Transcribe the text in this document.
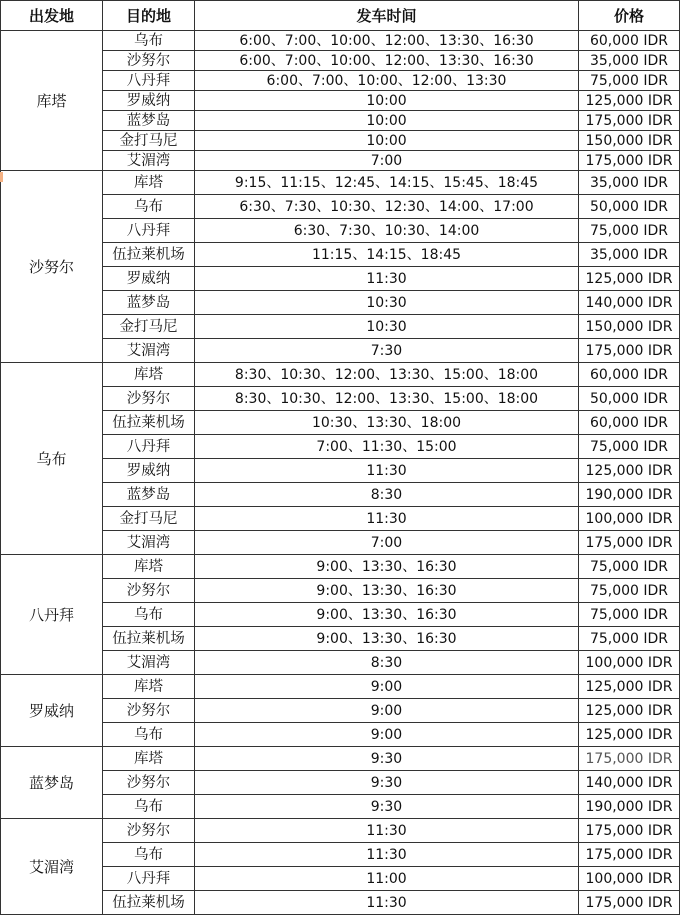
出发地	目的地	发车时间	价格
库塔	乌布	6:00、7:00、10:00、12:00、13:30、16:30	60,000 IDR
	沙努尔	6:00、7:00、10:00、12:00、13:30、16:30	35,000 IDR
	八丹拜	6:00、7:00、10:00、12:00、13:30	75,000 IDR
	罗威纳	10:00	125,000 IDR
	蓝梦岛	10:00	175,000 IDR
	金打马尼	10:00	150,000 IDR
	艾湄湾	7:00	175,000 IDR
沙努尔	库塔	9:15、11:15、12:45、14:15、15:45、18:45	35,000 IDR
	乌布	6:30、7:30、10:30、12:30、14:00、17:00	50,000 IDR
	八丹拜	6:30、7:30、10:30、14:00	75,000 IDR
	伍拉莱机场	11:15、14:15、18:45	35,000 IDR
	罗威纳	11:30	125,000 IDR
	蓝梦岛	10:30	140,000 IDR
	金打马尼	10:30	150,000 IDR
	艾湄湾	7:30	175,000 IDR
乌布	库塔	8:30、10:30、12:00、13:30、15:00、18:00	60,000 IDR
	沙努尔	8:30、10:30、12:00、13:30、15:00、18:00	50,000 IDR
	伍拉莱机场	10:30、13:30、18:00	60,000 IDR
	八丹拜	7:00、11:30、15:00	75,000 IDR
	罗威纳	11:30	125,000 IDR
	蓝梦岛	8:30	190,000 IDR
	金打马尼	11:30	100,000 IDR
	艾湄湾	7:00	175,000 IDR
八丹拜	库塔	9:00、13:30、16:30	75,000 IDR
	沙努尔	9:00、13:30、16:30	75,000 IDR
	乌布	9:00、13:30、16:30	75,000 IDR
	伍拉莱机场	9:00、13:30、16:30	75,000 IDR
	艾湄湾	8:30	100,000 IDR
罗威纳	库塔	9:00	125,000 IDR
	沙努尔	9:00	125,000 IDR
	乌布	9:00	125,000 IDR
蓝梦岛	库塔	9:30	175,000 IDR
	沙努尔	9:30	140,000 IDR
	乌布	9:30	190,000 IDR
艾湄湾	沙努尔	11:30	175,000 IDR
	乌布	11:30	175,000 IDR
	八丹拜	11:00	100,000 IDR
	伍拉莱机场	11:30	175,000 IDR
